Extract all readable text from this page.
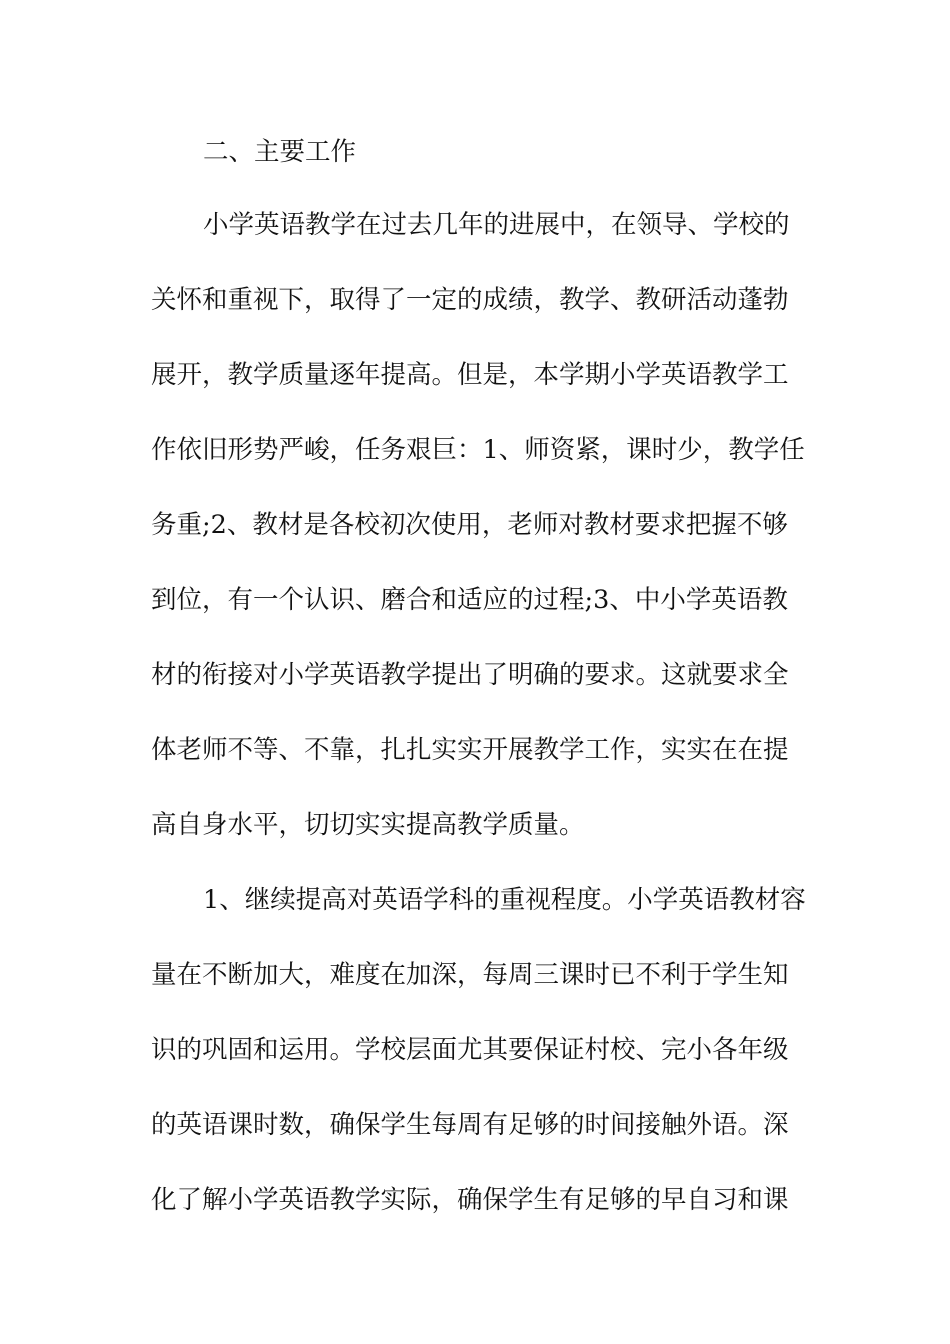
二、主要工作

小学英语教学在过去几年的进展中，在领导、学校的

关怀和重视下，取得了一定的成绩，教学、教研活动蓬勃

展开，教学质量逐年提高。但是，本学期小学英语教学工

作依旧形势严峻，任务艰巨：1、师资紧，课时少，教学任

务重;2、教材是各校初次使用，老师对教材要求把握不够

到位，有一个认识、磨合和适应的过程;3、中小学英语教

材的衔接对小学英语教学提出了明确的要求。这就要求全

体老师不等、不靠，扎扎实实开展教学工作，实实在在提

高自身水平，切切实实提高教学质量。

1、继续提高对英语学科的重视程度。小学英语教材容

量在不断加大，难度在加深，每周三课时已不利于学生知

识的巩固和运用。学校层面尤其要保证村校、完小各年级

的英语课时数，确保学生每周有足够的时间接触外语。深

化了解小学英语教学实际，确保学生有足够的早自习和课
